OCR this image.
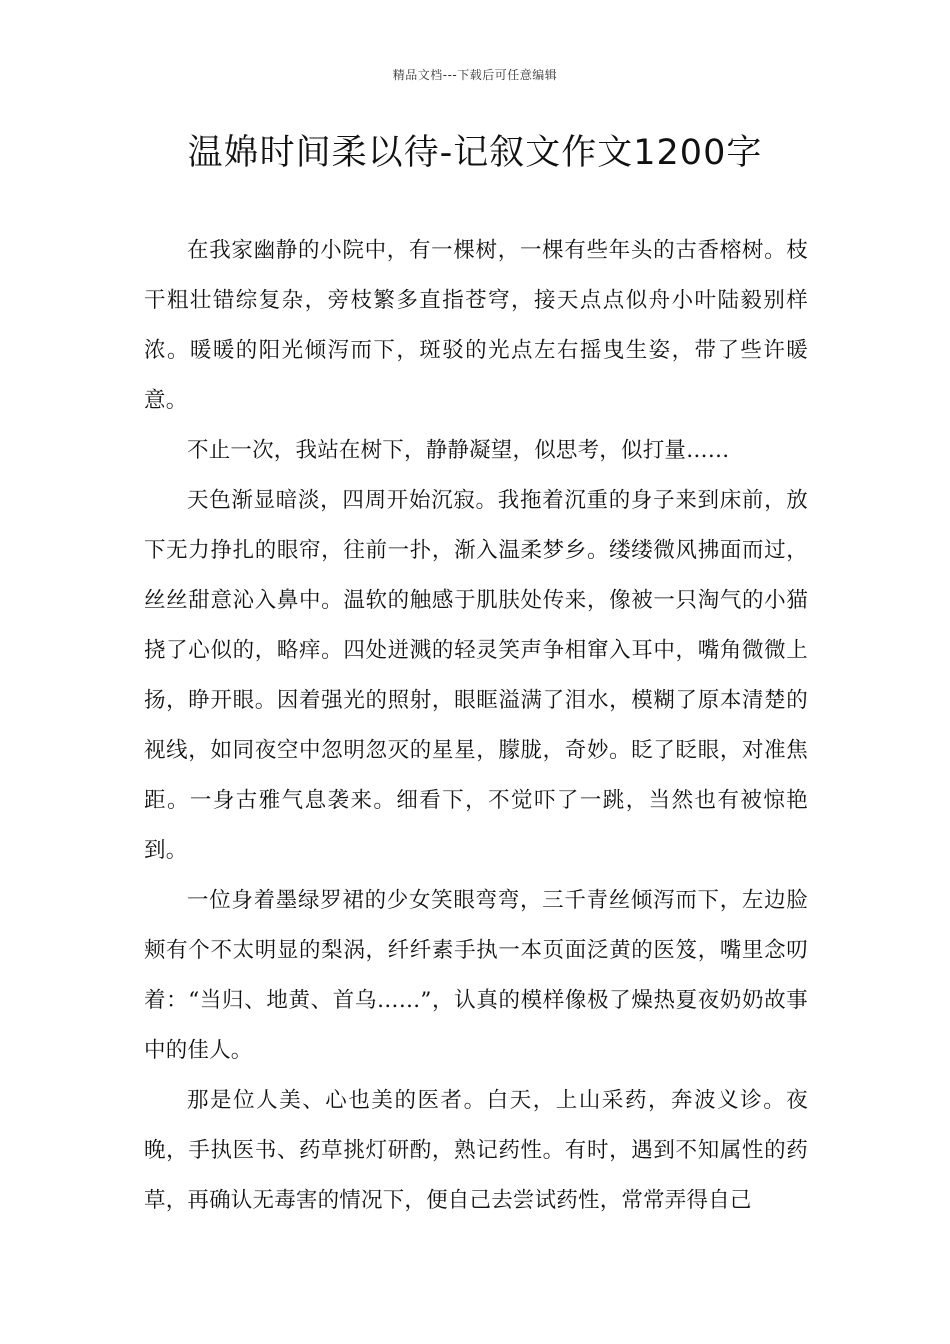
精品文档---下载后可任意编辑
温婂时间柔以待-记叙文作文1200字

在我家幽静的小院中，有一棵树，一棵有些年头的古香榕树。枝干粗壮错综复杂，旁枝繁多直指苍穹，接天点点似舟小叶陆毅别样浓。暖暖的阳光倾泻而下，斑驳的光点左右摇曳生姿，带了些许暖意。

不止一次，我站在树下，静静凝望，似思考，似打量……

天色渐显暗淡，四周开始沉寂。我拖着沉重的身子来到床前，放下无力挣扎的眼帘，往前一扑，渐入温柔梦乡。缕缕微风拂面而过，丝丝甜意沁入鼻中。温软的触感于肌肤处传来，像被一只淘气的小猫挠了心似的，略痒。四处迸溅的轻灵笑声争相窜入耳中，嘴角微微上扬，睁开眼。因着强光的照射，眼眶溢满了泪水，模糊了原本清楚的视线，如同夜空中忽明忽灭的星星，朦胧，奇妙。眨了眨眼，对准焦距。一身古雅气息袭来。细看下，不觉吓了一跳，当然也有被惊艳到。

一位身着墨绿罗裙的少女笑眼弯弯，三千青丝倾泻而下，左边脸颊有个不太明显的梨涡，纤纤素手执一本页面泛黄的医笈，嘴里念叨着：“当归、地黄、首乌……”，认真的模样像极了燥热夏夜奶奶故事中的佳人。

那是位人美、心也美的医者。白天，上山采药，奔波义诊。夜晚，手执医书、药草挑灯研酌，熟记药性。有时，遇到不知属性的药草，再确认无毒害的情况下，便自己去尝试药性，常常弄得自己
